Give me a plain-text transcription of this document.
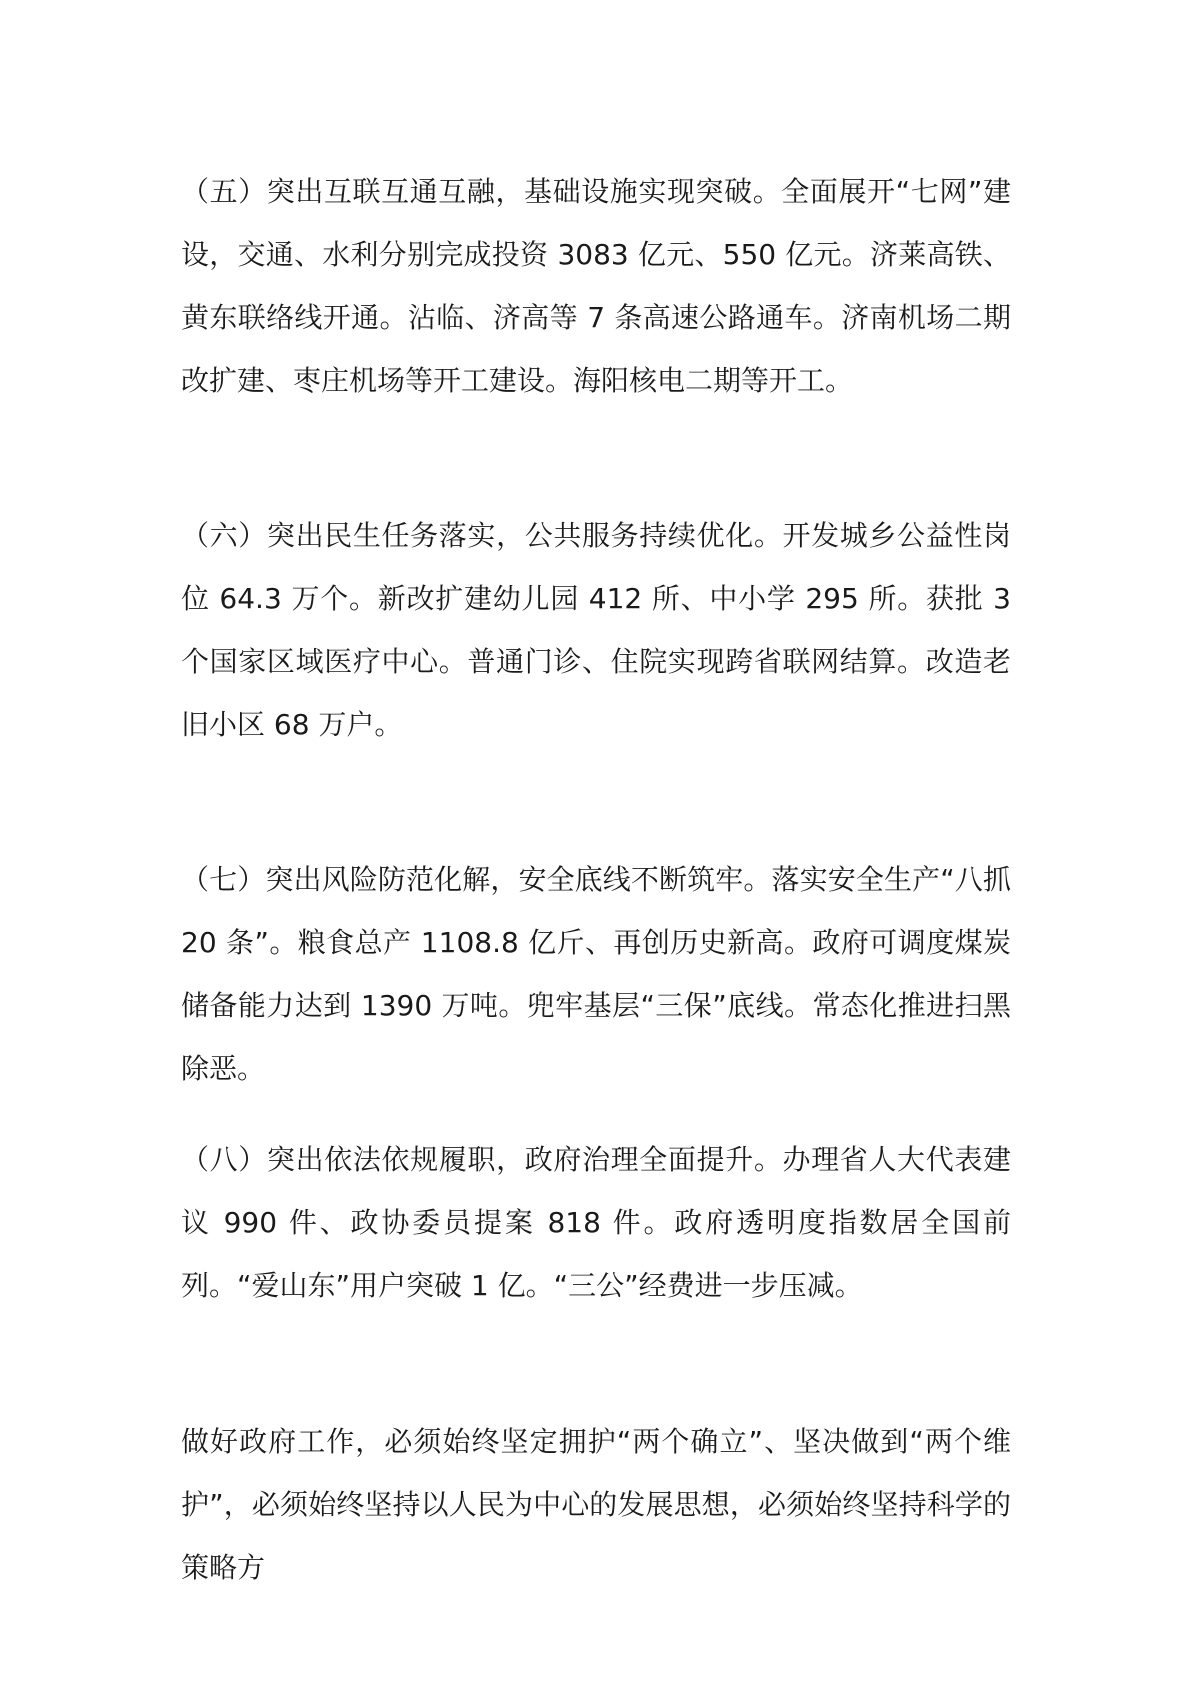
（五）突出互联互通互融，基础设施实现突破。全面展开“七网”建设，交通、水利分别完成投资 3083 亿元、550 亿元。济莱高铁、黄东联络线开通。沾临、济高等 7 条高速公路通车。济南机场二期改扩建、枣庄机场等开工建设。海阳核电二期等开工。

（六）突出民生任务落实，公共服务持续优化。开发城乡公益性岗位 64.3 万个。新改扩建幼儿园 412 所、中小学 295 所。获批 3 个国家区域医疗中心。普通门诊、住院实现跨省联网结算。改造老旧小区 68 万户。

（七）突出风险防范化解，安全底线不断筑牢。落实安全生产“八抓 20 条”。粮食总产 1108.8 亿斤、再创历史新高。政府可调度煤炭储备能力达到 1390 万吨。兜牢基层“三保”底线。常态化推进扫黑除恶。

（八）突出依法依规履职，政府治理全面提升。办理省人大代表建议 990 件、政协委员提案 818 件。政府透明度指数居全国前列。“爱山东”用户突破 1 亿。“三公”经费进一步压减。

做好政府工作，必须始终坚定拥护“两个确立”、坚决做到“两个维护”，必须始终坚持以人民为中心的发展思想，必须始终坚持科学的策略方
